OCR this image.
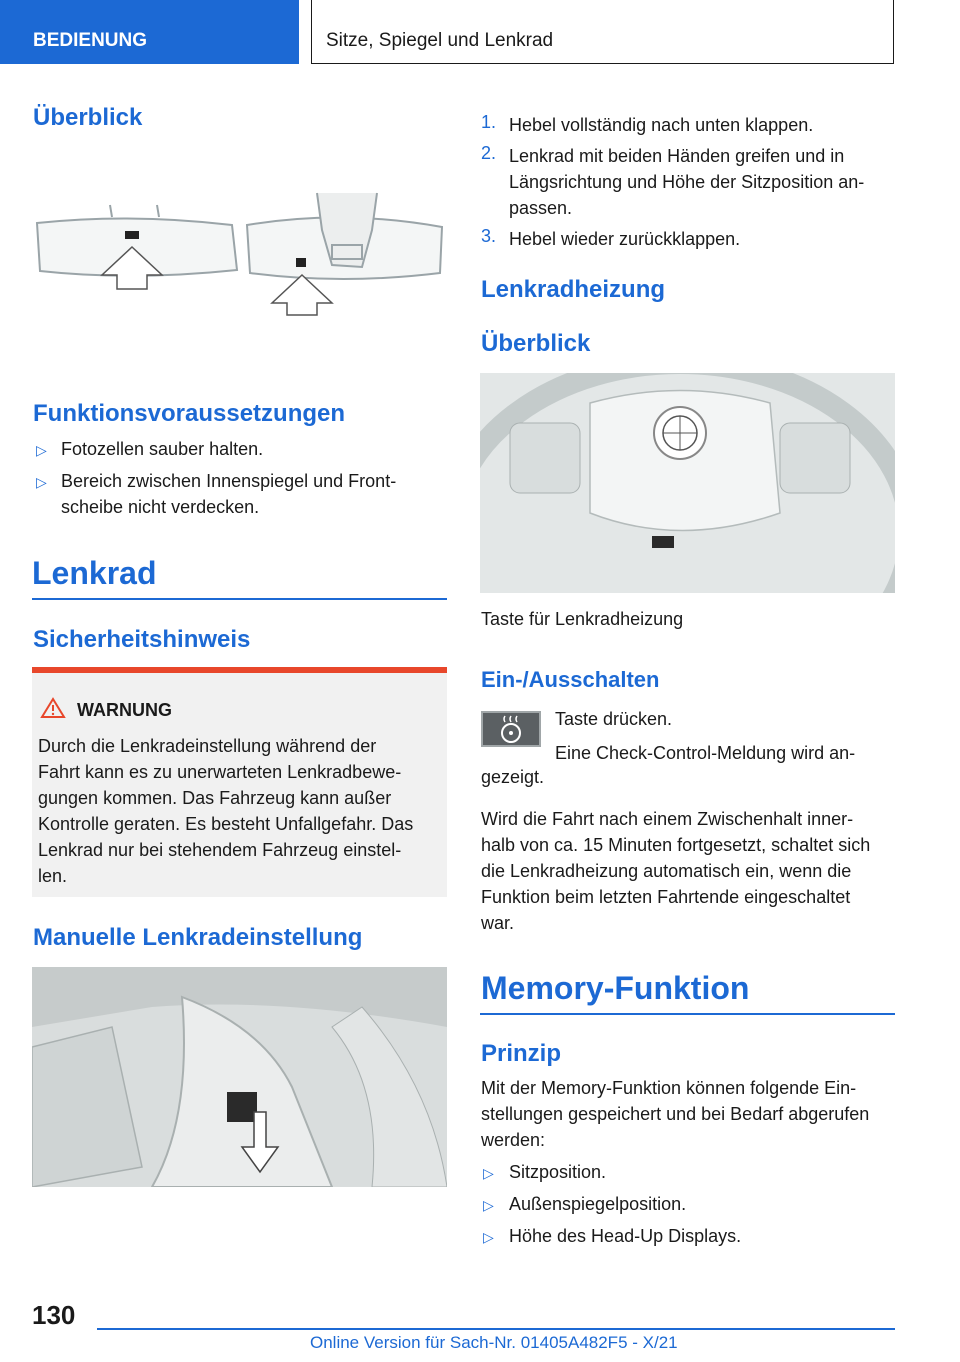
BEDIENUNG	Sitze, Spiegel und Lenkrad
Überblick
Funktionsvoraussetzungen
▷ Fotozellen sauber halten.
▷ Bereich zwischen Innenspiegel und Front-
scheibe nicht verdecken.
Lenkrad
Sicherheitshinweis
WARNUNG
Durch die Lenkradeinstellung während der
Fahrt kann es zu unerwarteten Lenkradbewe-
gungen kommen. Das Fahrzeug kann außer
Kontrolle geraten. Es besteht Unfallgefahr. Das
Lenkrad nur bei stehendem Fahrzeug einstel-
len.
Manuelle Lenkradeinstellung
1. Hebel vollständig nach unten klappen.
2. Lenkrad mit beiden Händen greifen und in
Längsrichtung und Höhe der Sitzposition an-
passen.
3. Hebel wieder zurückklappen.
Lenkradheizung
Überblick
Taste für Lenkradheizung
Ein-/Ausschalten
Taste drücken.
Eine Check-Control-Meldung wird an-
gezeigt.
Wird die Fahrt nach einem Zwischenhalt inner-
halb von ca. 15 Minuten fortgesetzt, schaltet sich
die Lenkradheizung automatisch ein, wenn die
Funktion beim letzten Fahrtende eingeschaltet
war.
Memory-Funktion
Prinzip
Mit der Memory-Funktion können folgende Ein-
stellungen gespeichert und bei Bedarf abgerufen
werden:
▷ Sitzposition.
▷ Außenspiegelposition.
▷ Höhe des Head-Up Displays.
130
Online Version für Sach-Nr. 01405A482F5 - X/21
